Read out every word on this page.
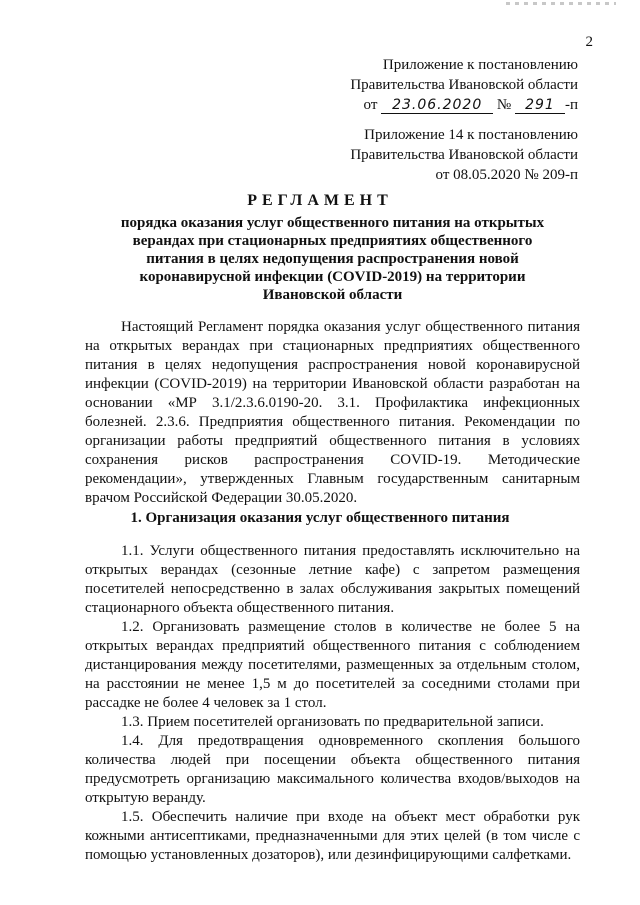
2
Приложение к постановлению
Правительства Ивановской области
от 23.06.2020 № 291 -п
Приложение 14 к постановлению
Правительства Ивановской области
от 08.05.2020 № 209-п
РЕГЛАМЕНТ
порядка оказания услуг общественного питания на открытых верандах при стационарных предприятиях общественного питания в целях недопущения распространения новой коронавирусной инфекции (COVID-2019) на территории Ивановской области

Настоящий Регламент порядка оказания услуг общественного питания на открытых верандах при стационарных предприятиях общественного питания в целях недопущения распространения новой коронавирусной инфекции (COVID-2019) на территории Ивановской области разработан на основании «МР 3.1/2.3.6.0190-20. 3.1. Профилактика инфекционных болезней. 2.3.6. Предприятия общественного питания. Рекомендации по организации работы предприятий общественного питания в условиях сохранения рисков распространения COVID-19. Методические рекомендации», утвержденных Главным государственным санитарным врачом Российской Федерации 30.05.2020.

1. Организация оказания услуг общественного питания

1.1. Услуги общественного питания предоставлять исключительно на открытых верандах (сезонные летние кафе) с запретом размещения посетителей непосредственно в залах обслуживания закрытых помещений стационарного объекта общественного питания.

1.2. Организовать размещение столов в количестве не более 5 на открытых верандах предприятий общественного питания с соблюдением дистанцирования между посетителями, размещенных за отдельным столом, на расстоянии не менее 1,5 м до посетителей за соседними столами при рассадке не более 4 человек за 1 стол.

1.3. Прием посетителей организовать по предварительной записи.

1.4. Для предотвращения одновременного скопления большого количества людей при посещении объекта общественного питания предусмотреть организацию максимального количества входов/выходов на открытую веранду.

1.5. Обеспечить наличие при входе на объект мест обработки рук кожными антисептиками, предназначенными для этих целей (в том числе с помощью установленных дозаторов), или дезинфицирующими салфетками.
